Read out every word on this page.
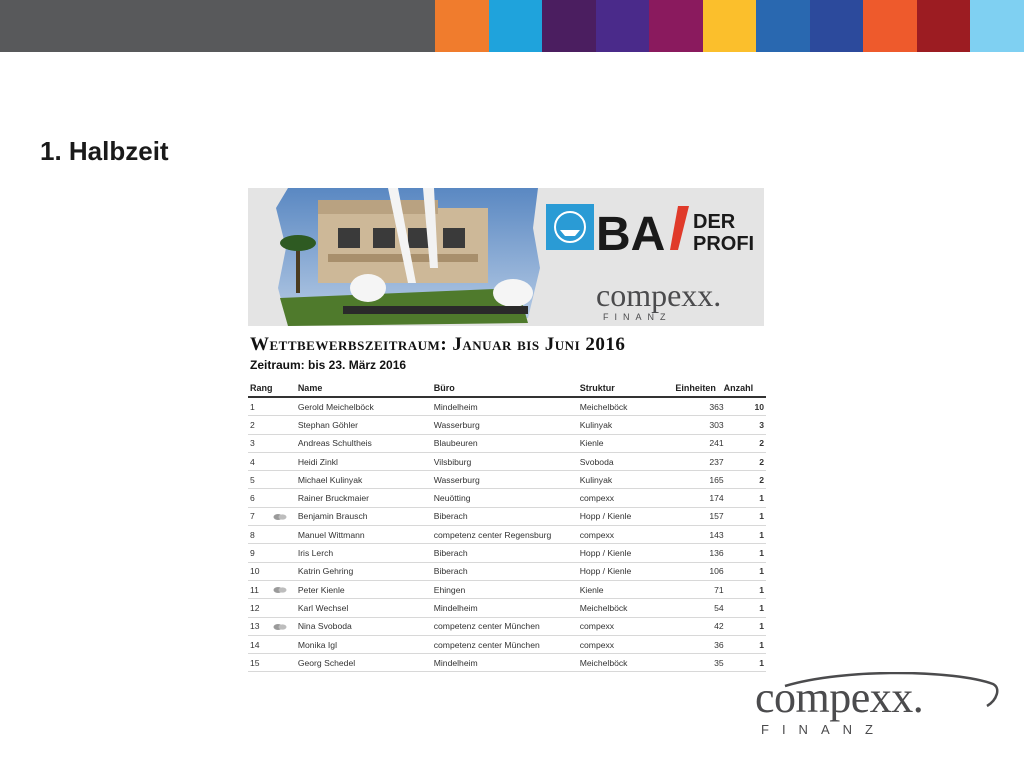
1. Halbzeit
BA DER
PROFI
compexx.
FINANZ
Wettbewerbszeitraum: Januar bis Juni 2016
Zeitraum: bis 23. März 2016
Rang		Name	Büro	Struktur	Einheiten	Anzahl
1		Gerold Meichelböck	Mindelheim	Meichelböck	363	10
2		Stephan Göhler	Wasserburg	Kulinyak	303	3
3		Andreas Schultheis	Blaubeuren	Kienle	241	2
4		Heidi Zinkl	Vilsbiburg	Svoboda	237	2
5		Michael Kulinyak	Wasserburg	Kulinyak	165	2
6		Rainer Bruckmaier	Neuötting	compexx	174	1
7		Benjamin Brausch	Biberach	Hopp / Kienle	157	1
8		Manuel Wittmann	competenz center Regensburg	compexx	143	1
9		Iris Lerch	Biberach	Hopp / Kienle	136	1
10		Katrin Gehring	Biberach	Hopp / Kienle	106	1
11		Peter Kienle	Ehingen	Kienle	71	1
12		Karl Wechsel	Mindelheim	Meichelböck	54	1
13		Nina Svoboda	competenz center München	compexx	42	1
14		Monika Igl	competenz center München	compexx	36	1
15		Georg Schedel	Mindelheim	Meichelböck	35	1
compexx.
FINANZ
